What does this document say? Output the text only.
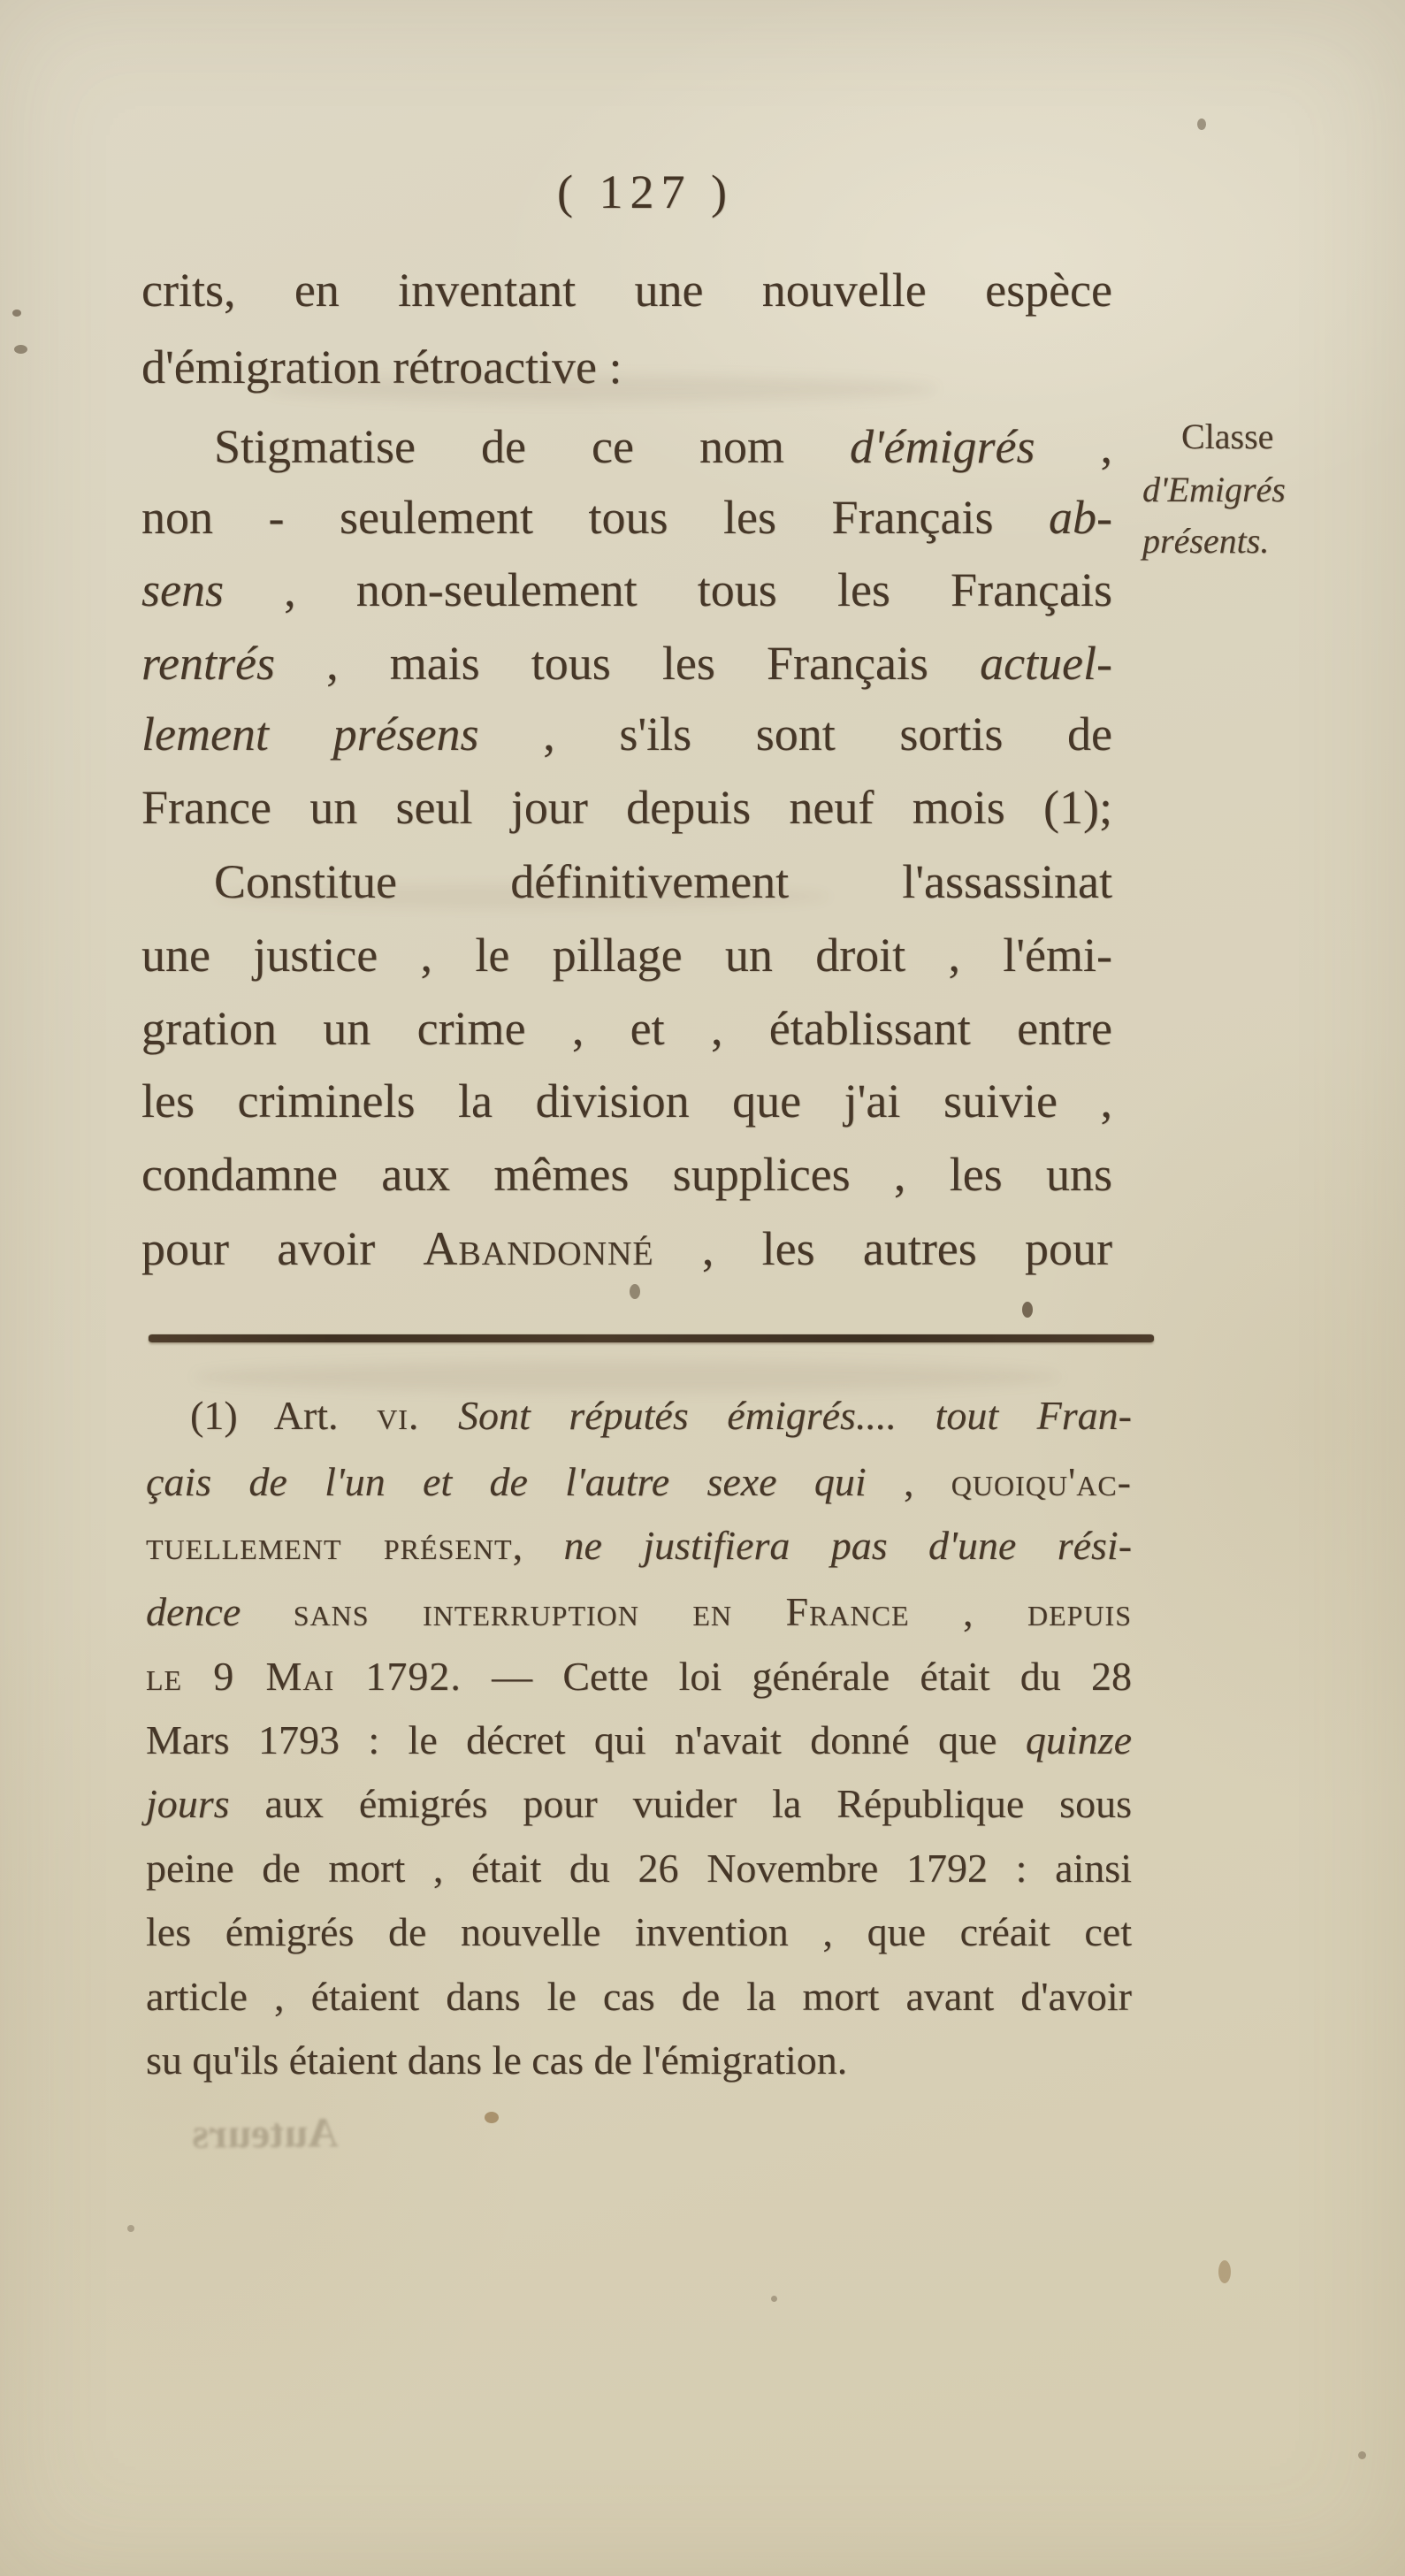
( 127 )
crits, en inventant une nouvelle espèce
d'émigration rétroactive :
Stigmatise de ce nom d'émigrés ,
non - seulement tous les Français ab-
sens , non-seulement tous les Français
rentrés , mais tous les Français actuel-
lement présens , s'ils sont sortis de
France un seul jour depuis neuf mois (1);
Constitue définitivement l'assassinat
une justice , le pillage un droit , l'émi-
gration un crime , et , établissant entre
les criminels la division que j'ai suivie ,
condamne aux mêmes supplices , les uns
pour avoir Abandonné , les autres pour
Classe
d'Emigrés
présents.
(1) Art. vi. Sont réputés émigrés.... tout Fran-
çais de l'un et de l'autre sexe qui , quoiqu'ac-
tuellement présent, ne justifiera pas d'une rési-
dence sans interruption en France , depuis
le 9 Mai 1792. — Cette loi générale était du 28
Mars 1793 : le décret qui n'avait donné que quinze
jours aux émigrés pour vuider la République sous
peine de mort , était du 26 Novembre 1792 : ainsi
les émigrés de nouvelle invention , que créait cet
article , étaient dans le cas de la mort avant d'avoir
su qu'ils étaient dans le cas de l'émigration.
Auteurs
